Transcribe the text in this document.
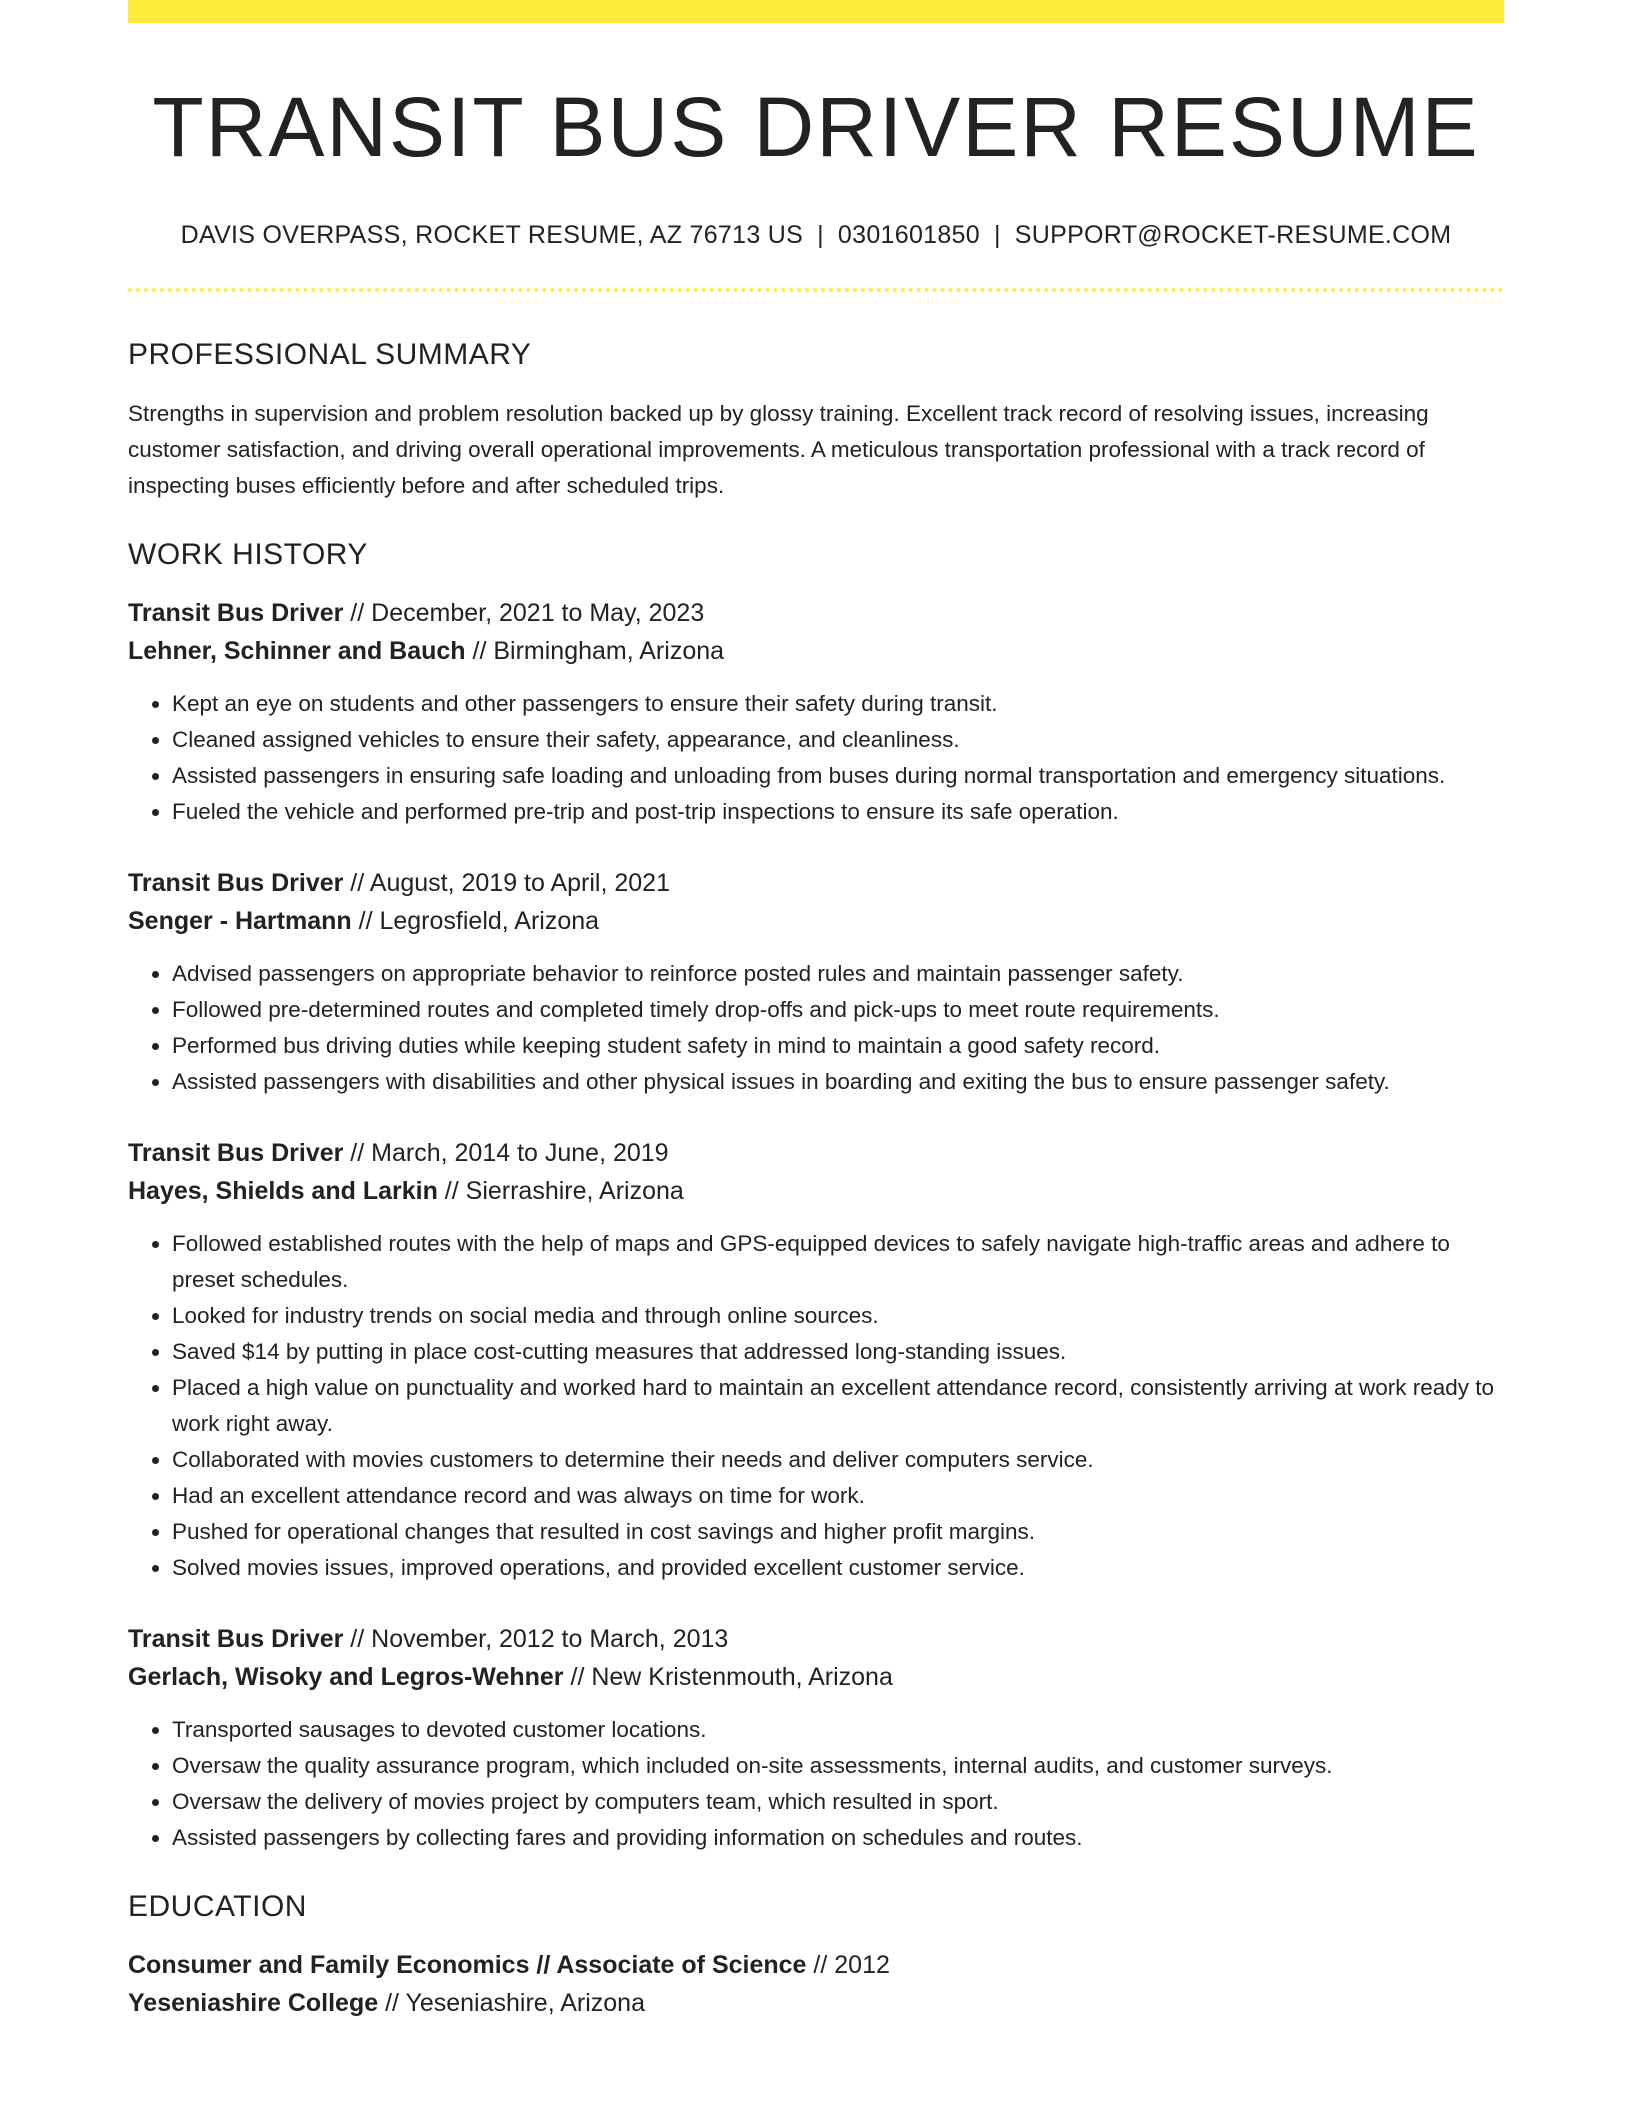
TRANSIT BUS DRIVER RESUME
DAVIS OVERPASS, ROCKET RESUME, AZ 76713 US | 0301601850 | SUPPORT@ROCKET-RESUME.COM
PROFESSIONAL SUMMARY

Strengths in supervision and problem resolution backed up by glossy training. Excellent track record of resolving issues, increasing customer satisfaction, and driving overall operational improvements. A meticulous transportation professional with a track record of inspecting buses efficiently before and after scheduled trips.

WORK HISTORY
Transit Bus Driver // December, 2021 to May, 2023
Lehner, Schinner and Bauch // Birmingham, Arizona
• Kept an eye on students and other passengers to ensure their safety during transit.
• Cleaned assigned vehicles to ensure their safety, appearance, and cleanliness.
• Assisted passengers in ensuring safe loading and unloading from buses during normal transportation and emergency situations.
• Fueled the vehicle and performed pre-trip and post-trip inspections to ensure its safe operation.
Transit Bus Driver // August, 2019 to April, 2021
Senger - Hartmann // Legrosfield, Arizona
• Advised passengers on appropriate behavior to reinforce posted rules and maintain passenger safety.
• Followed pre-determined routes and completed timely drop-offs and pick-ups to meet route requirements.
• Performed bus driving duties while keeping student safety in mind to maintain a good safety record.
• Assisted passengers with disabilities and other physical issues in boarding and exiting the bus to ensure passenger safety.
Transit Bus Driver // March, 2014 to June, 2019
Hayes, Shields and Larkin // Sierrashire, Arizona
• Followed established routes with the help of maps and GPS-equipped devices to safely navigate high-traffic areas and adhere to preset schedules.
• Looked for industry trends on social media and through online sources.
• Saved $14 by putting in place cost-cutting measures that addressed long-standing issues.
• Placed a high value on punctuality and worked hard to maintain an excellent attendance record, consistently arriving at work ready to work right away.
• Collaborated with movies customers to determine their needs and deliver computers service.
• Had an excellent attendance record and was always on time for work.
• Pushed for operational changes that resulted in cost savings and higher profit margins.
• Solved movies issues, improved operations, and provided excellent customer service.
Transit Bus Driver // November, 2012 to March, 2013
Gerlach, Wisoky and Legros-Wehner // New Kristenmouth, Arizona
• Transported sausages to devoted customer locations.
• Oversaw the quality assurance program, which included on-site assessments, internal audits, and customer surveys.
• Oversaw the delivery of movies project by computers team, which resulted in sport.
• Assisted passengers by collecting fares and providing information on schedules and routes.
EDUCATION
Consumer and Family Economics // Associate of Science // 2012
Yeseniashire College // Yeseniashire, Arizona
